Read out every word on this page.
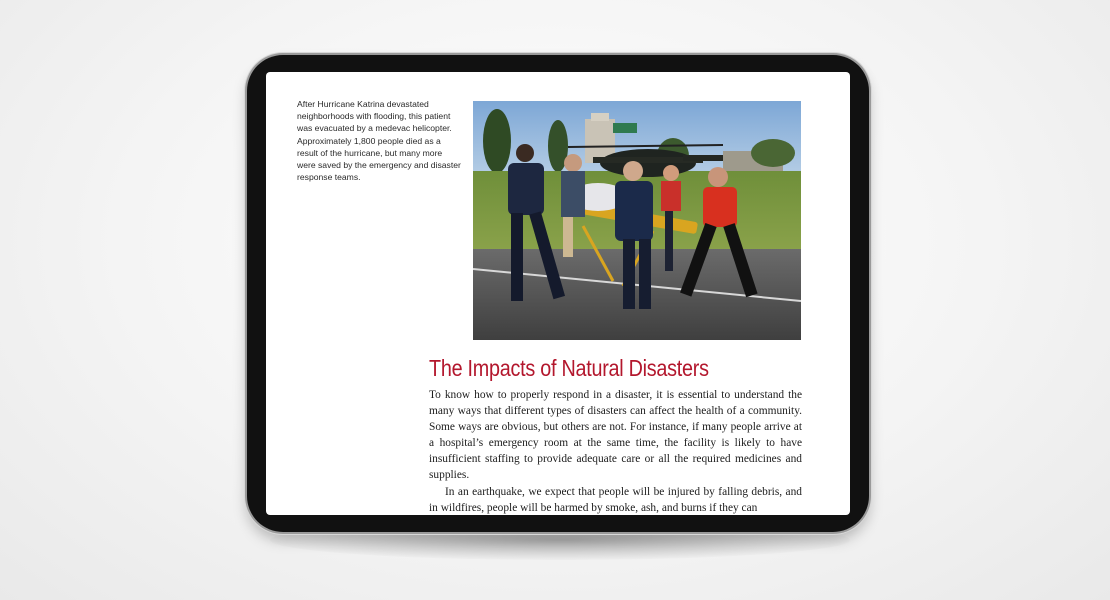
After Hurricane Katrina devastated neighborhoods with flooding, this patient was evacuated by a medevac helicopter. Approximately 1,800 people died as a result of the hurricane, but many more were saved by the emergency and disaster response teams.
The Impacts of Natural Disasters

To know how to properly respond in a disaster, it is essential to understand the many ways that different types of disasters can affect the health of a community. Some ways are obvious, but others are not. For instance, if many people arrive at a hospital’s emergency room at the same time, the facility is likely to have insufficient staffing to provide adequate care or all the required medicines and supplies.

In an earthquake, we expect that people will be injured by falling debris, and in wildfires, people will be harmed by smoke, ash, and burns if they can
